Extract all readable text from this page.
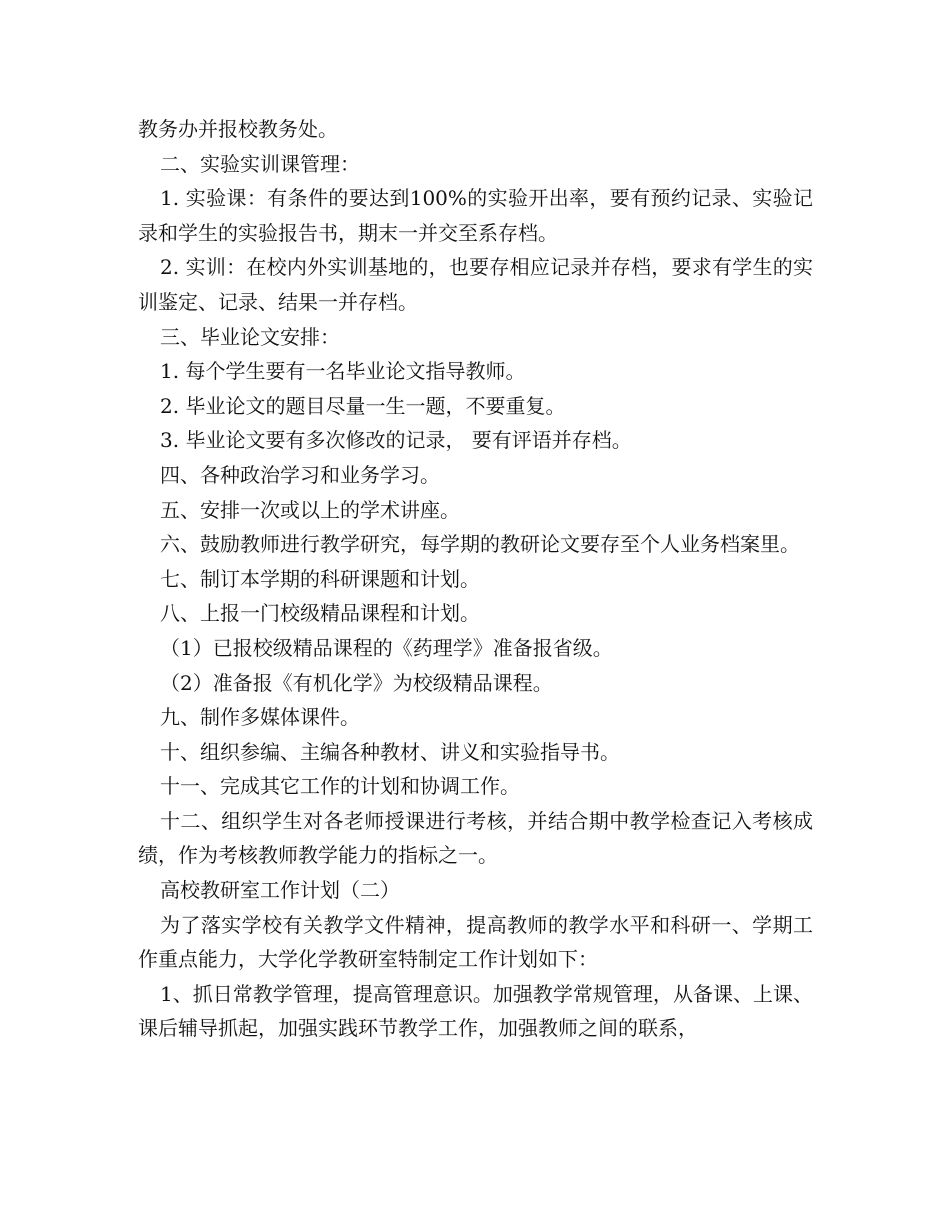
教务办并报校教务处。

二、实验实训课管理：

1. 实验课：有条件的要达到100%的实验开出率，要有预约记录、实验记录和学生的实验报告书，期末一并交至系存档。

2. 实训：在校内外实训基地的，也要存相应记录并存档，要求有学生的实训鉴定、记录、结果一并存档。

三、毕业论文安排：

1. 每个学生要有一名毕业论文指导教师。

2. 毕业论文的题目尽量一生一题，不要重复。

3. 毕业论文要有多次修改的记录， 要有评语并存档。

四、各种政治学习和业务学习。

五、安排一次或以上的学术讲座。

六、鼓励教师进行教学研究，每学期的教研论文要存至个人业务档案里。

七、制订本学期的科研课题和计划。

八、上报一门校级精品课程和计划。

（1）已报校级精品课程的《药理学》准备报省级。

（2）准备报《有机化学》为校级精品课程。

九、制作多媒体课件。

十、组织参编、主编各种教材、讲义和实验指导书。

十一、完成其它工作的计划和协调工作。

十二、组织学生对各老师授课进行考核，并结合期中教学检查记入考核成绩，作为考核教师教学能力的指标之一。

高校教研室工作计划（二）

为了落实学校有关教学文件精神，提高教师的教学水平和科研一、学期工作重点能力，大学化学教研室特制定工作计划如下：

1、抓日常教学管理，提高管理意识。加强教学常规管理，从备课、上课、课后辅导抓起，加强实践环节教学工作，加强教师之间的联系，
